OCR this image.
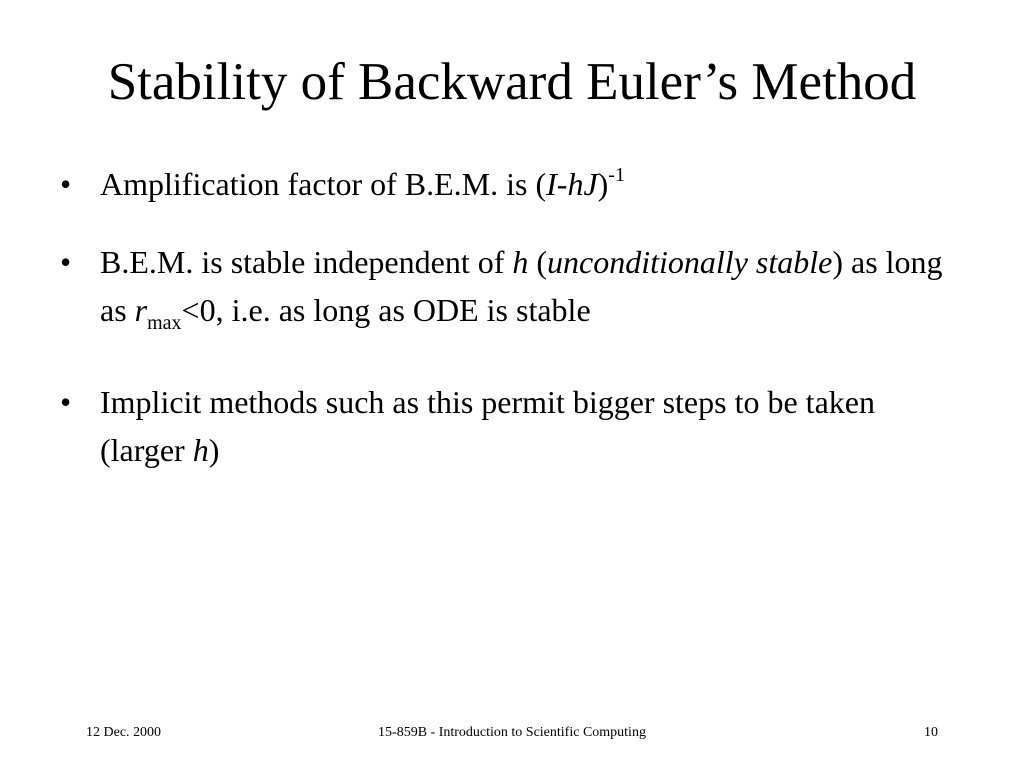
Stability of Backward Euler’s Method
• Amplification factor of B.E.M. is $(I-hJ)^{-1}$
• B.E.M. is stable independent of h (unconditionally stable) as long as $r_{max}<0$, i.e. as long as ODE is stable
• Implicit methods such as this permit bigger steps to be taken (larger h)
15-859B - Introduction to Scientific Computing
12 Dec. 2000	10
